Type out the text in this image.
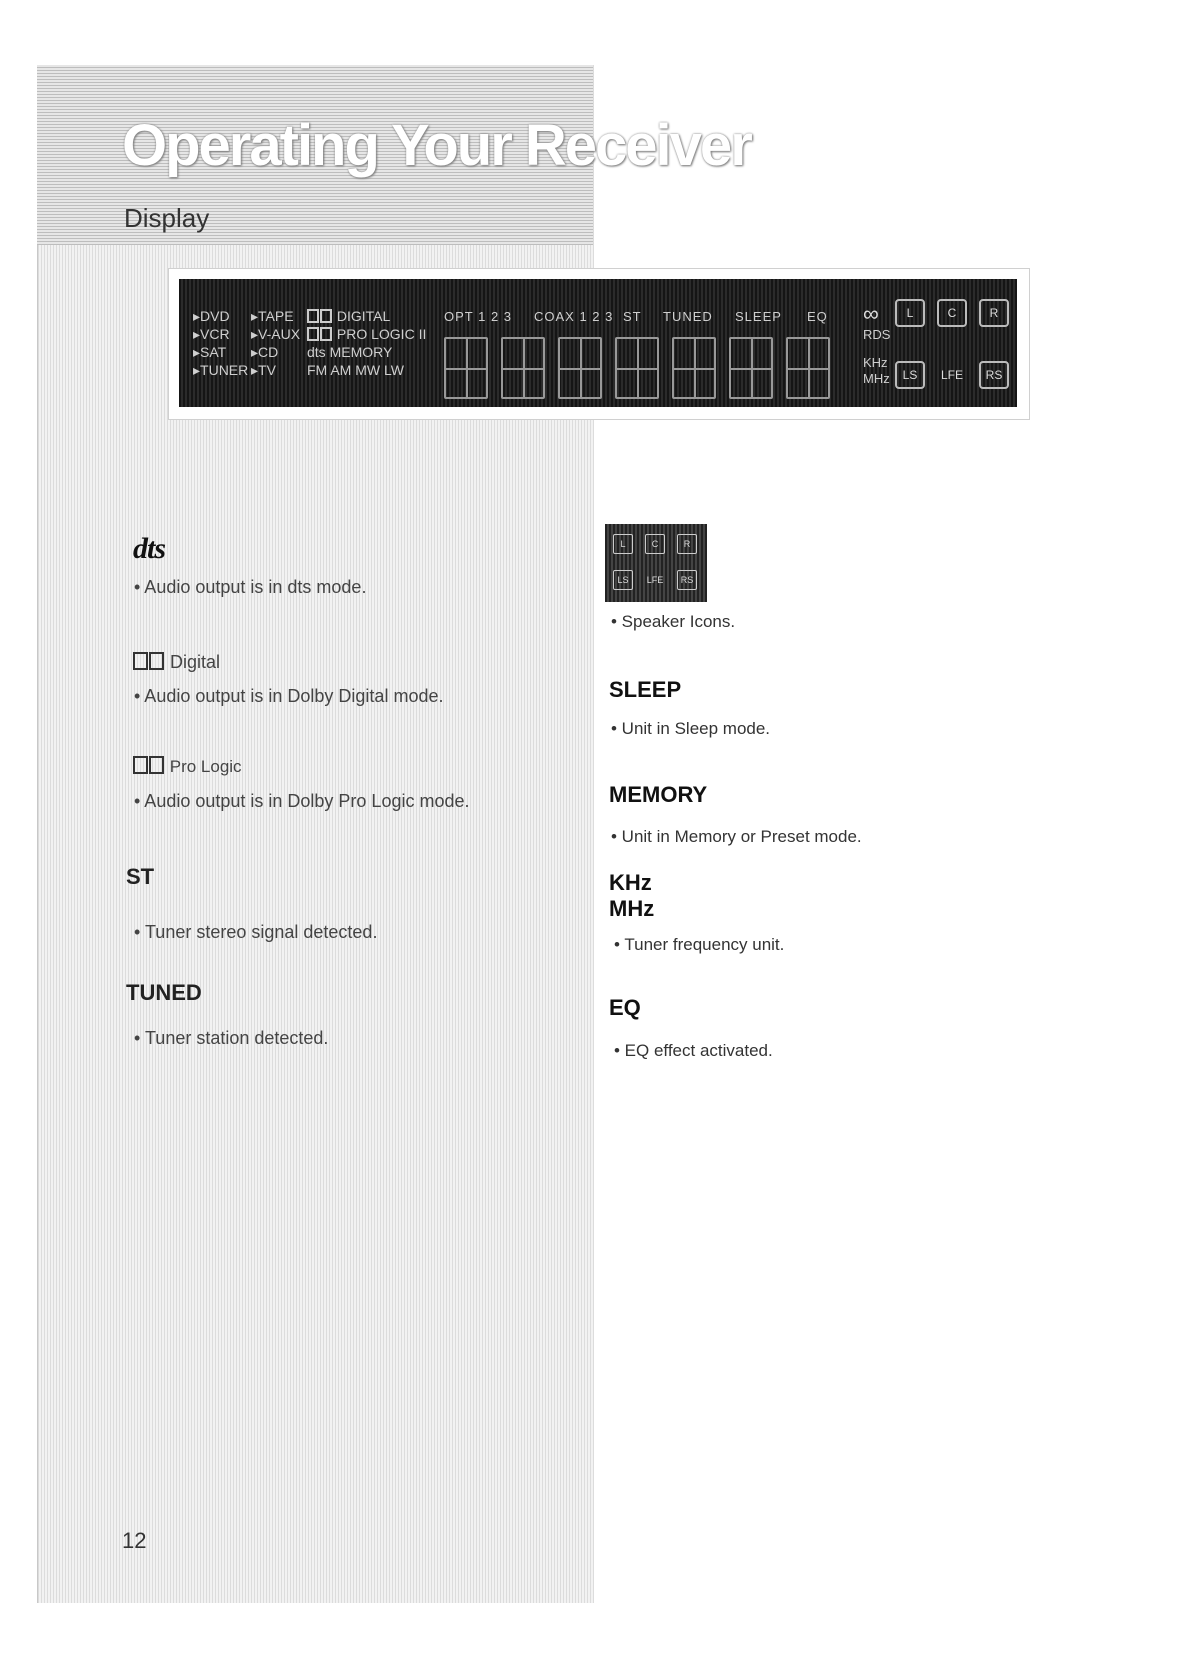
Operating Your Receiver
Display
▸DVD
▸VCR
▸SAT
▸TUNER
▸TAPE
▸V-AUX
▸CD
▸TV
DIGITAL
PRO LOGIC II
dts MEMORY
FM AM MW LW
OPT 1 2 3 COAX 1 2 3 ST TUNED SLEEP EQ ∞
RDS
KHz
MHz
L	C	R
LS	LFE	RS
dts
• Audio output is in dts mode.
Digital
• Audio output is in Dolby Digital mode.
Pro Logic
• Audio output is in Dolby Pro Logic mode.
ST
• Tuner stereo signal detected.
TUNED
• Tuner station detected.
L	C	R
LS	LFE	RS
• Speaker Icons.
SLEEP
• Unit in Sleep mode.
MEMORY
• Unit in Memory or Preset mode.
KHz
MHz
• Tuner frequency unit.
EQ
• EQ effect activated.
12
